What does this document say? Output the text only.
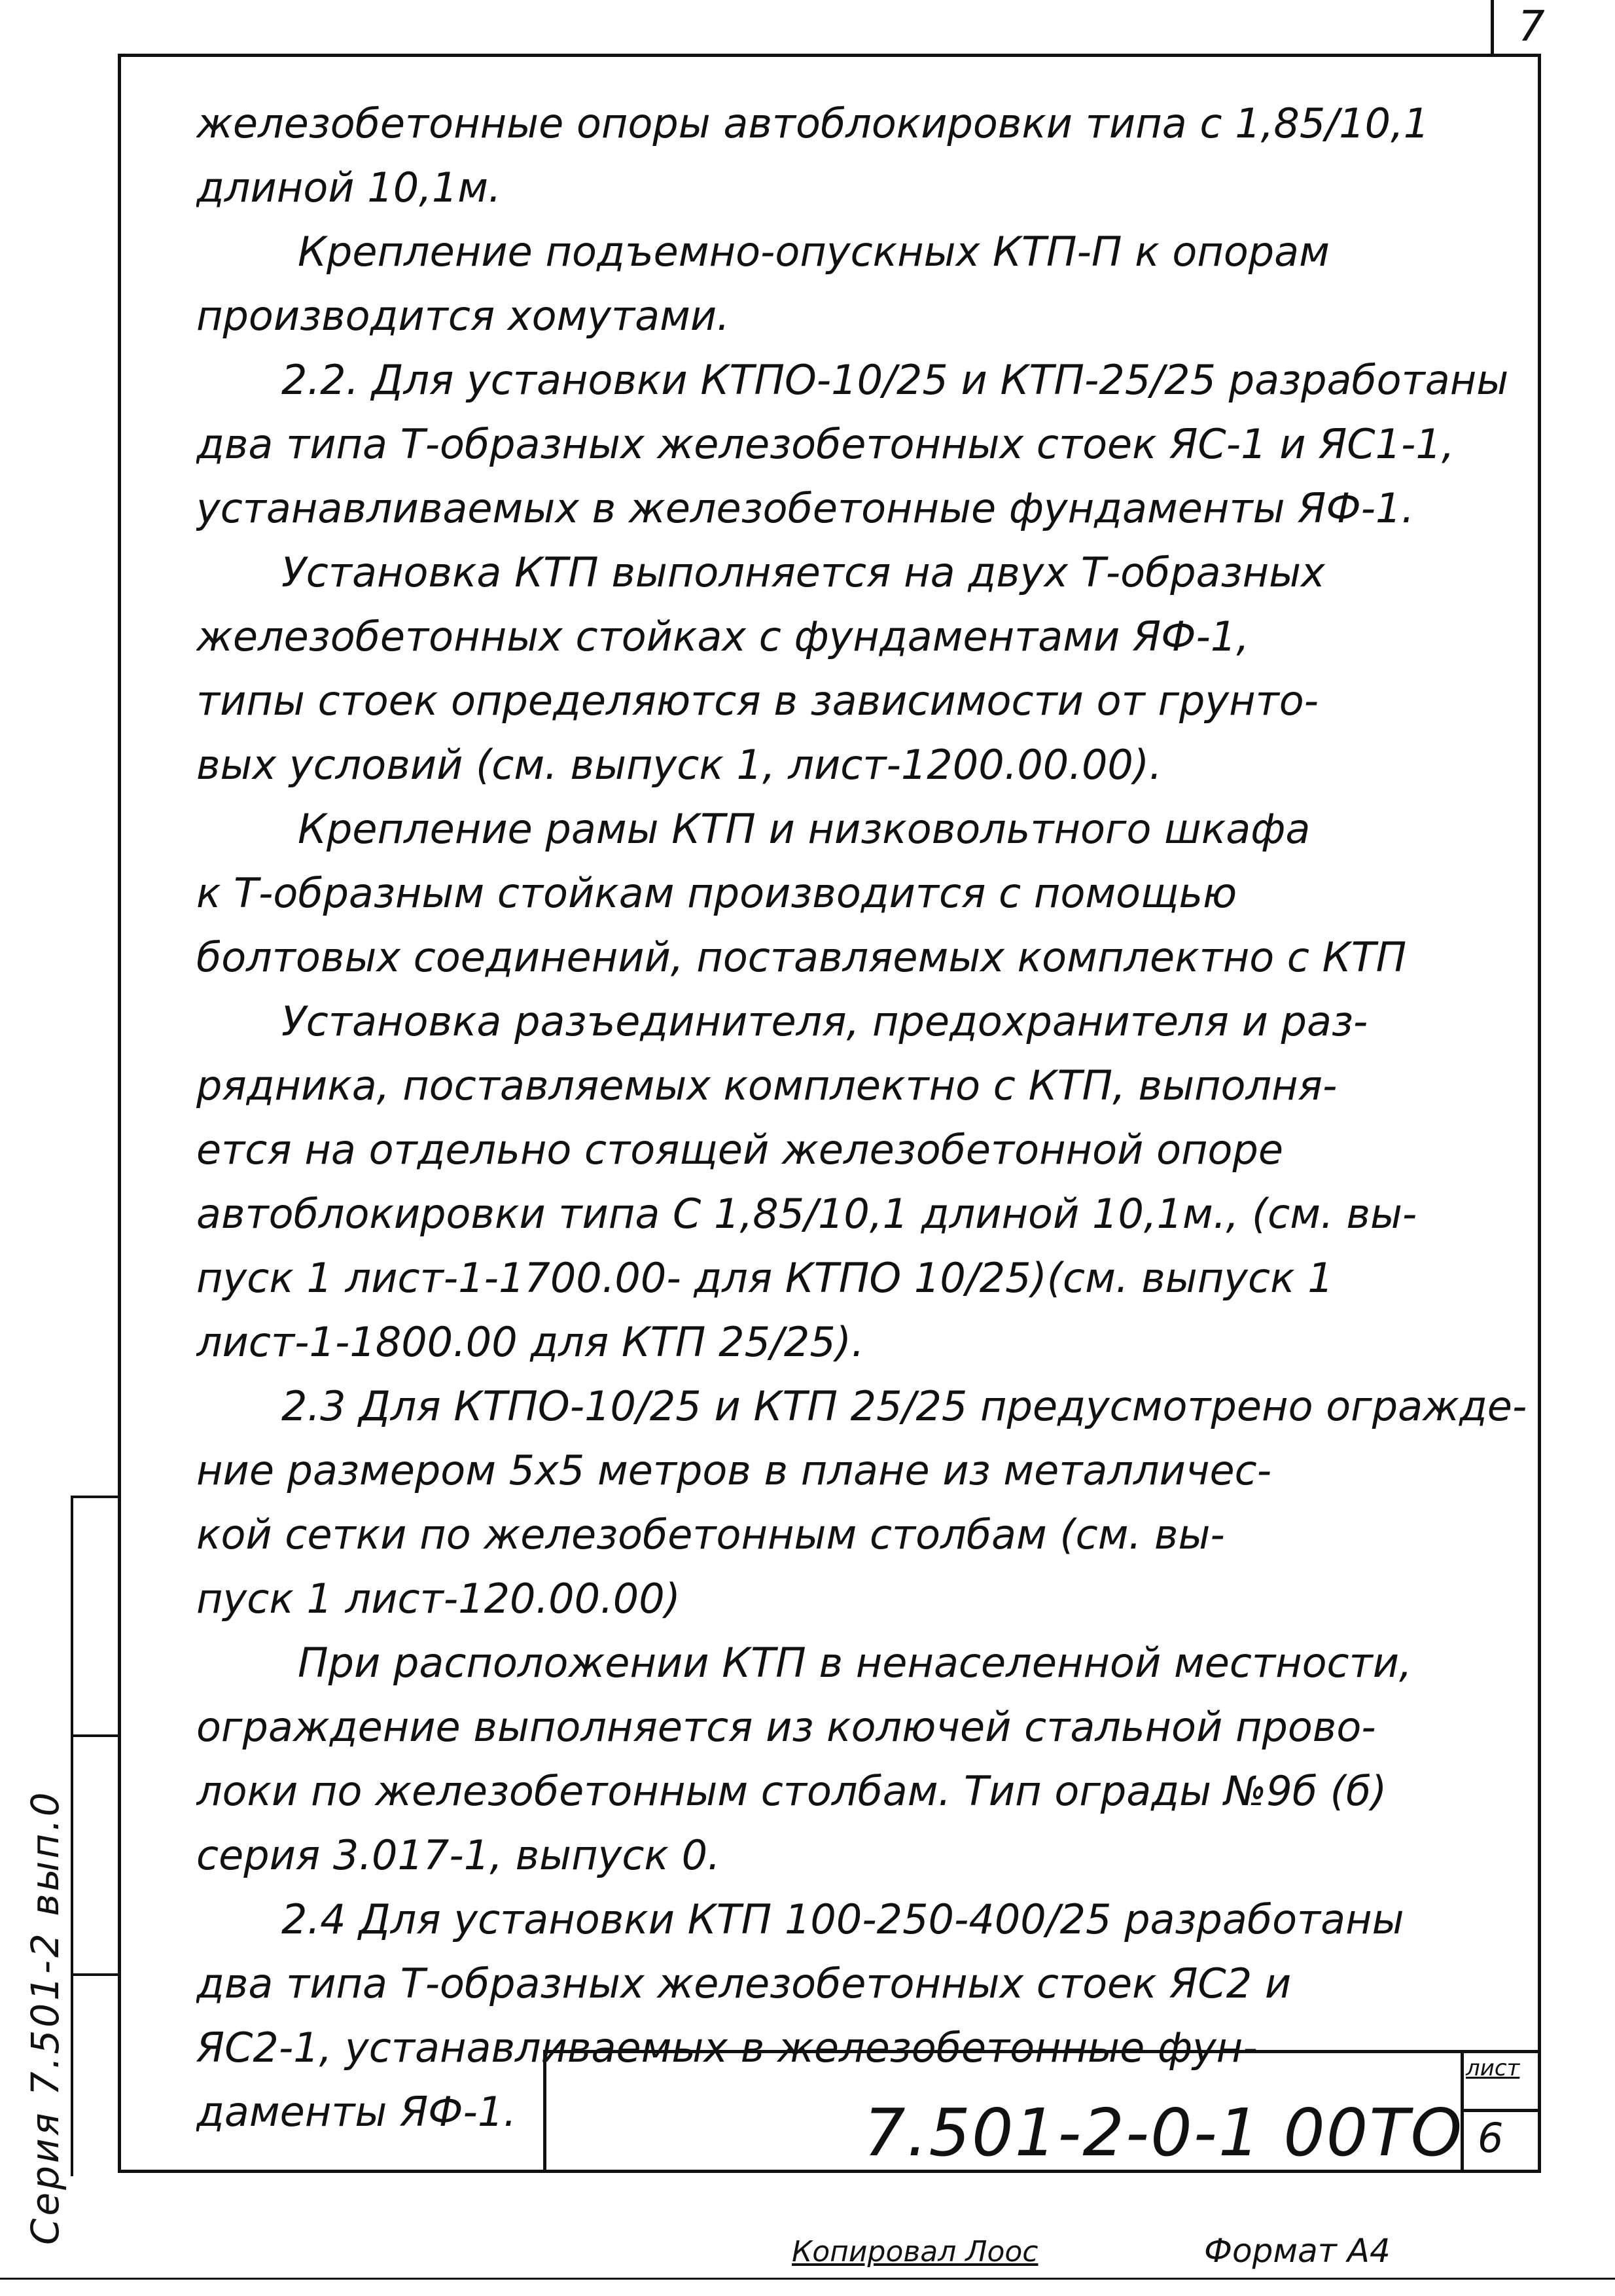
7
Серия 7.501-2 вып.0
железобетонные опоры автоблокировки типа с 1,85/10,1
длиной 10,1м.
Крепление подъемно-опускных КТП-П к опорам
производится хомутами.
2.2. Для установки КТПО-10/25 и КТП-25/25 разработаны
два типа Т-образных железобетонных стоек ЯС-1 и ЯС1-1,
устанавливаемых в железобетонные фундаменты ЯФ-1.
Установка КТП выполняется на двух Т-образных
железобетонных стойках с фундаментами ЯФ-1,
типы стоек определяются в зависимости от грунто-
вых условий (см. выпуск 1, лист-1200.00.00).
Крепление рамы КТП и низковольтного шкафа
к Т-образным стойкам производится с помощью
болтовых соединений, поставляемых комплектно с КТП
Установка разъединителя, предохранителя и раз-
рядника, поставляемых комплектно с КТП, выполня-
ется на отдельно стоящей железобетонной опоре
автоблокировки типа С 1,85/10,1 длиной 10,1м., (см. вы-
пуск 1 лист-1-1700.00- для КТПО 10/25)(см. выпуск 1
лист-1-1800.00 для КТП 25/25).
2.3 Для КТПО-10/25 и КТП 25/25 предусмотрено огражде-
ние размером 5х5 метров в плане из металличес-
кой сетки по железобетонным столбам (см. вы-
пуск 1 лист-120.00.00)
При расположении КТП в ненаселенной местности,
ограждение выполняется из колючей стальной прово-
локи по железобетонным столбам. Тип ограды №9б (б)
серия 3.017-1, выпуск 0.
2.4 Для установки КТП 100-250-400/25 разработаны
два типа Т-образных железобетонных стоек ЯС2 и
ЯС2-1, устанавливаемых в железобетонные фун-
даменты ЯФ-1.	7.501-2-0-1 00ТО
лист
6
Копировал Лоос	Формат А4
